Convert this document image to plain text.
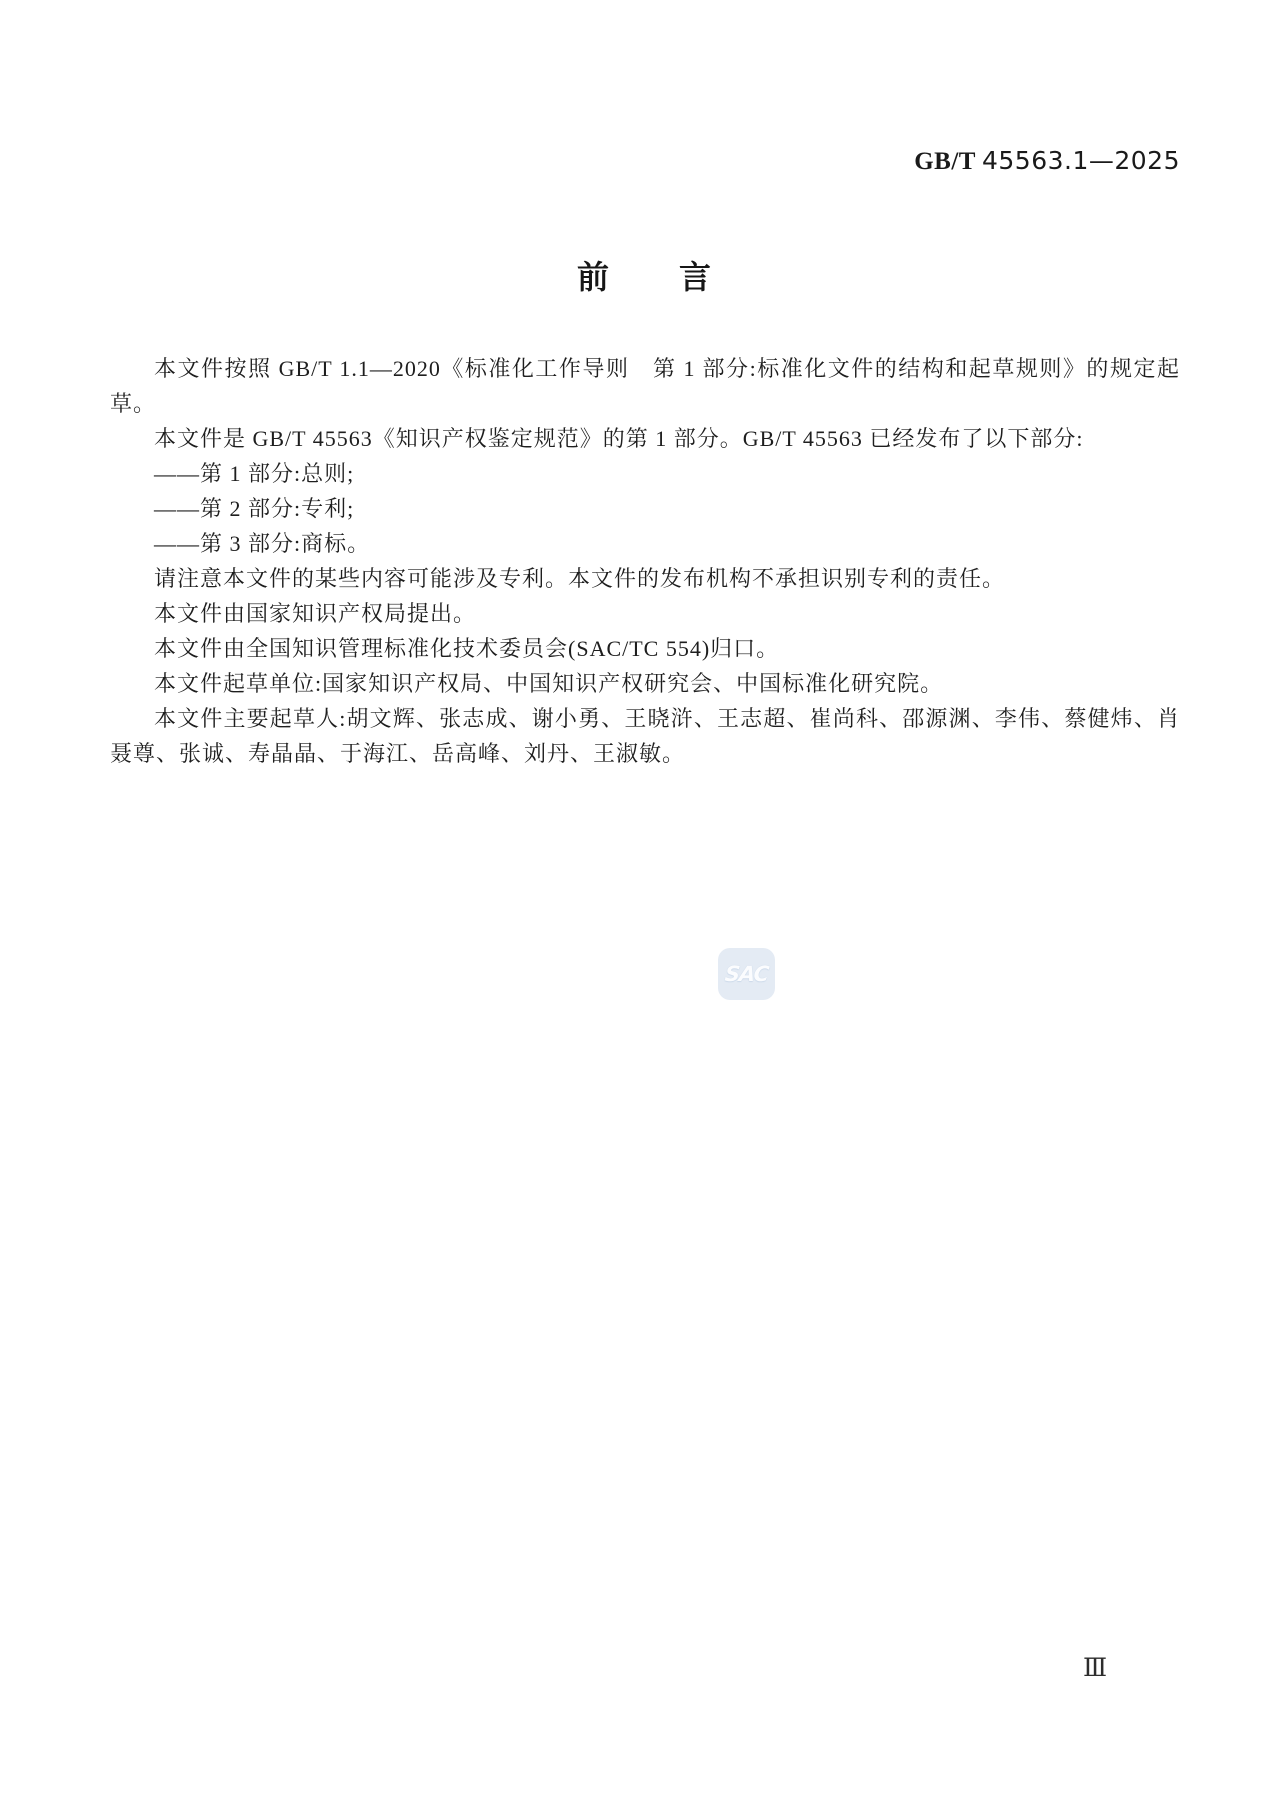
GB/T 45563.1—2025
前　　言

本文件按照 GB/T 1.1—2020《标准化工作导则　第 1 部分:标准化文件的结构和起草规则》的规定起草。

本文件是 GB/T 45563《知识产权鉴定规范》的第 1 部分。GB/T 45563 已经发布了以下部分:

——第 1 部分:总则;

——第 2 部分:专利;

——第 3 部分:商标。

请注意本文件的某些内容可能涉及专利。本文件的发布机构不承担识别专利的责任。

本文件由国家知识产权局提出。

本文件由全国知识管理标准化技术委员会(SAC/TC 554)归口。

本文件起草单位:国家知识产权局、中国知识产权研究会、中国标准化研究院。

本文件主要起草人:胡文辉、张志成、谢小勇、王晓浒、王志超、崔尚科、邵源渊、李伟、蔡健炜、肖聂尊、张诚、寿晶晶、于海江、岳高峰、刘丹、王淑敏。

SAC
Ⅲ
